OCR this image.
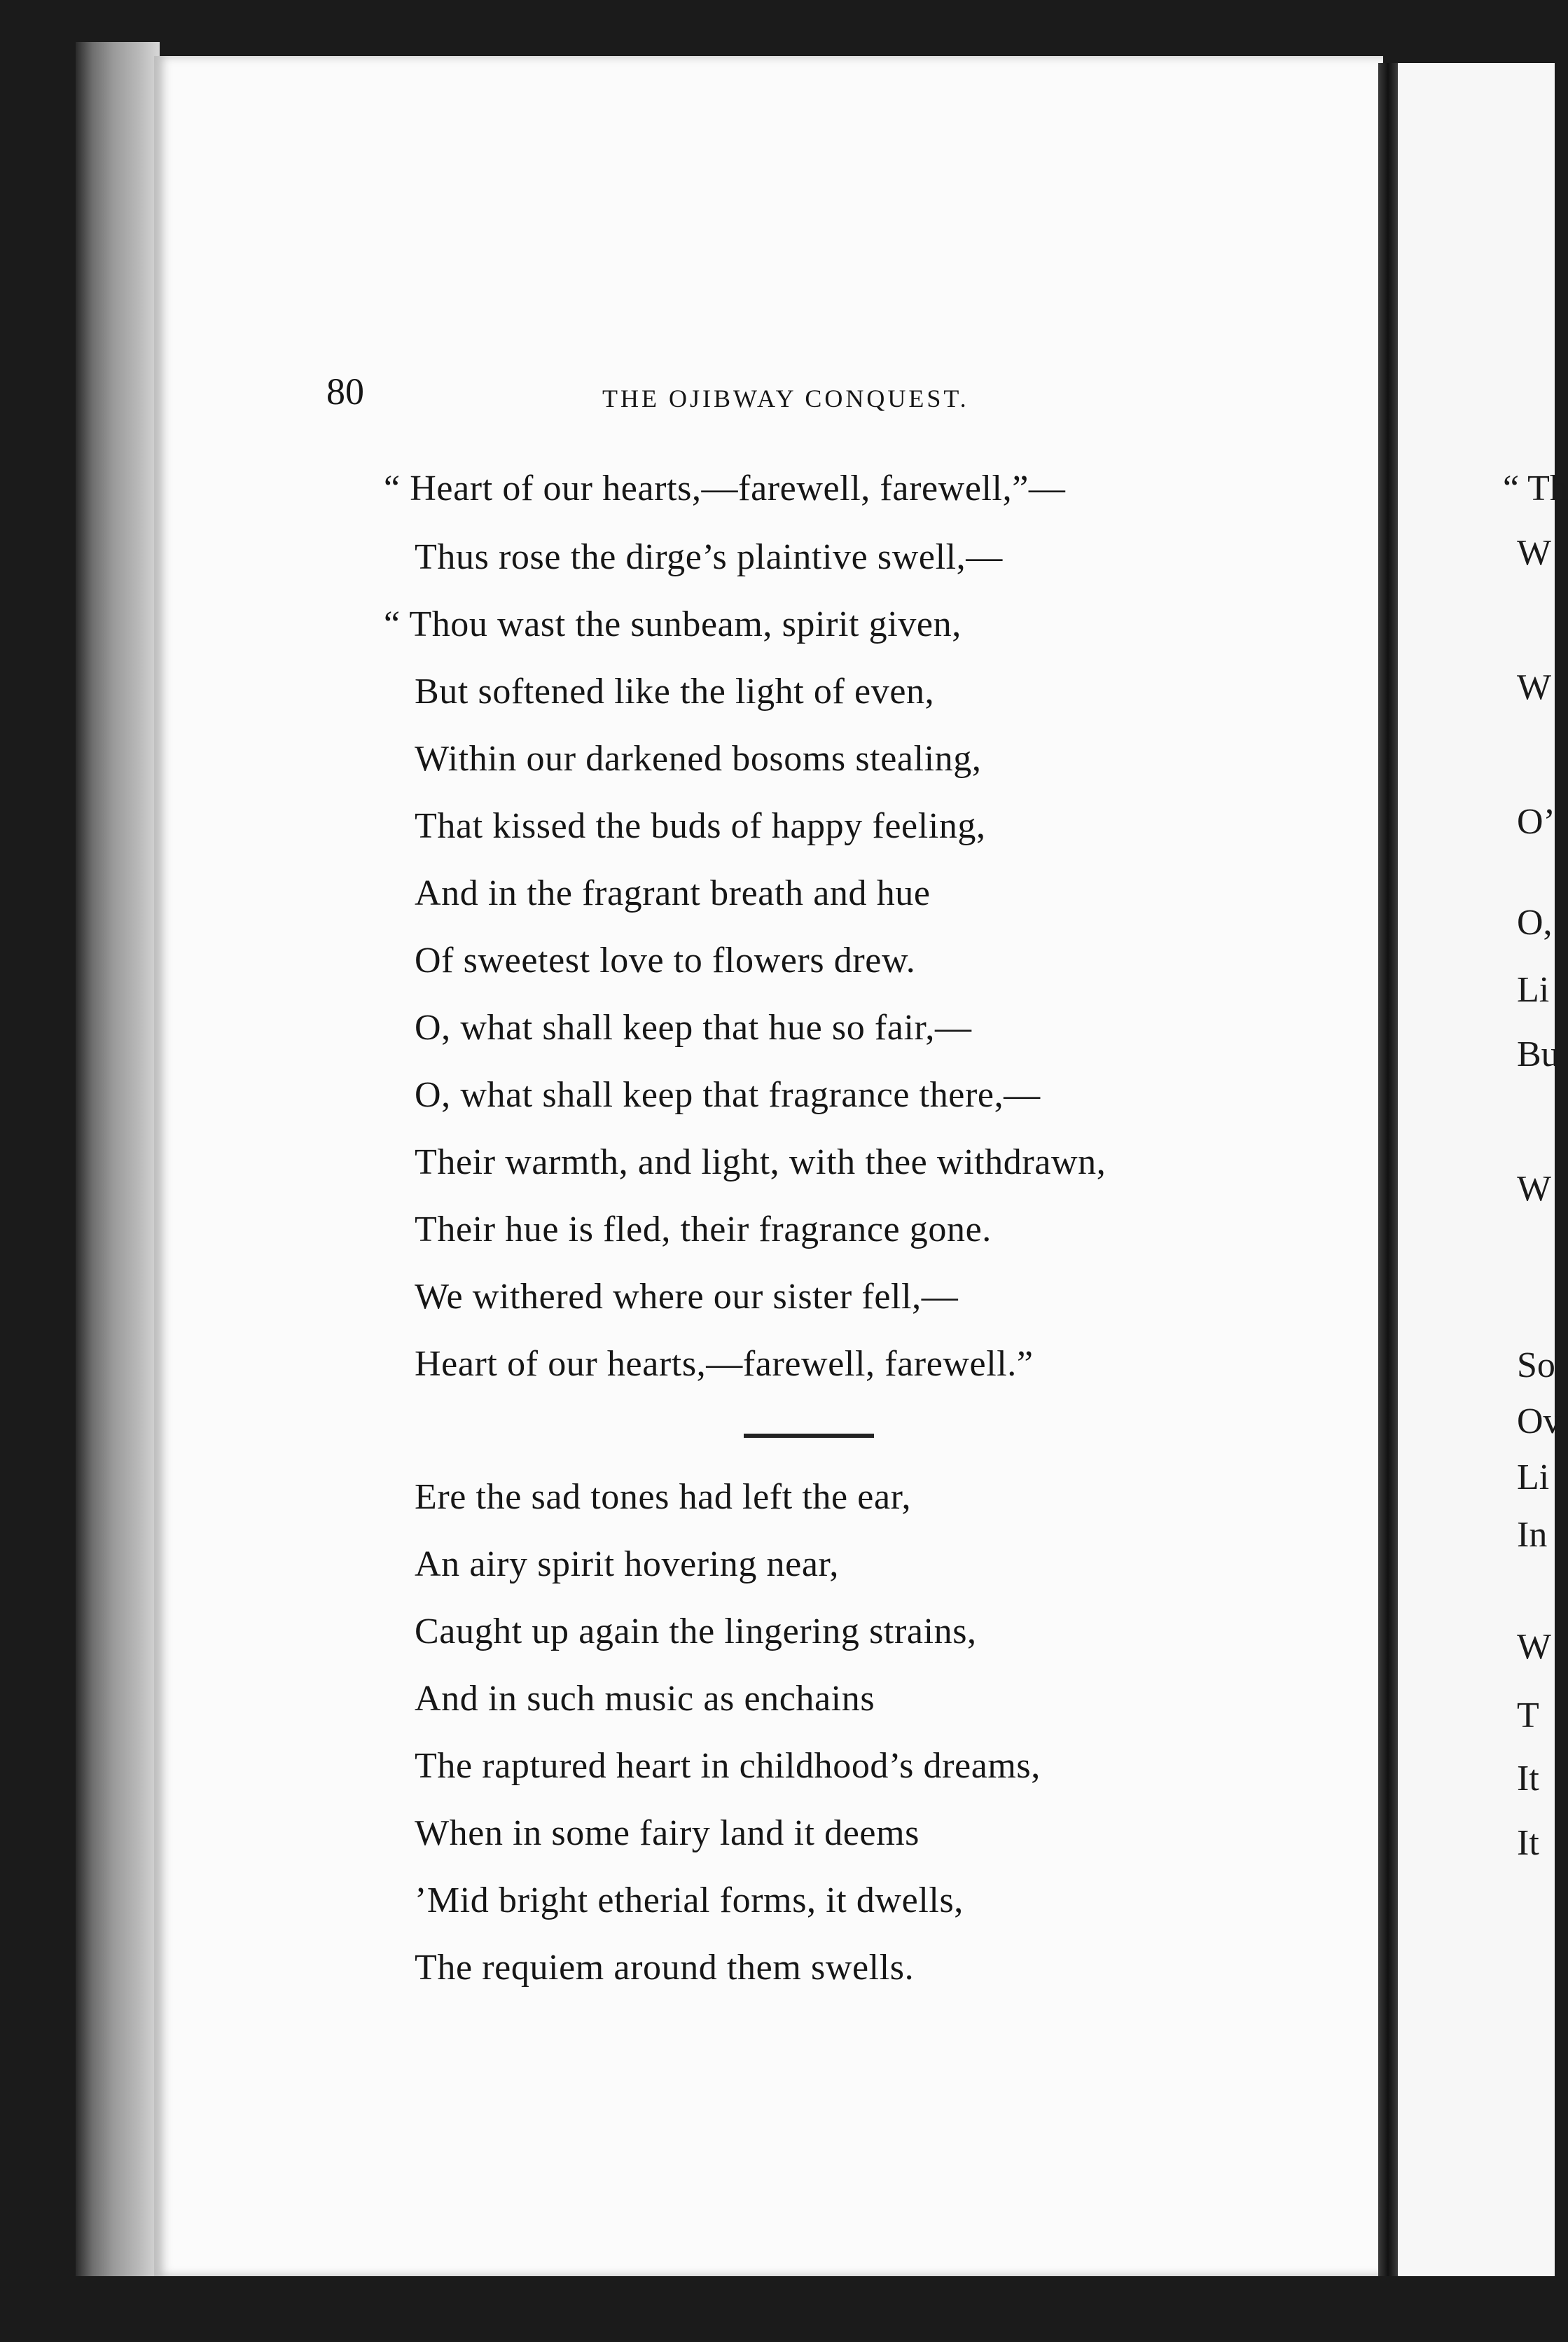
80	THE OJIBWAY CONQUEST.
“ Heart of our hearts,—farewell, farewell,”—
Thus rose the dirge’s plaintive swell,—
“ Thou wast the sunbeam, spirit given,
But softened like the light of even,
Within our darkened bosoms stealing,
That kissed the buds of happy feeling,
And in the fragrant breath and hue
Of sweetest love to flowers drew.
O, what shall keep that hue so fair,—
O, what shall keep that fragrance there,—
Their warmth, and light, with thee withdrawn,
Their hue is fled, their fragrance gone.
We withered where our sister fell,—
Heart of our hearts,—farewell, farewell.”
Ere the sad tones had left the ear,
An airy spirit hovering near,
Caught up again the lingering strains,
And in such music as enchains
The raptured heart in childhood’s dreams,
When in some fairy land it deems
’Mid bright etherial forms, it dwells,
The requiem around them swells.
“ Th
W
W
O’
O,
Li
Bu
W
So
Ov
Li
In
W
T
It
It
